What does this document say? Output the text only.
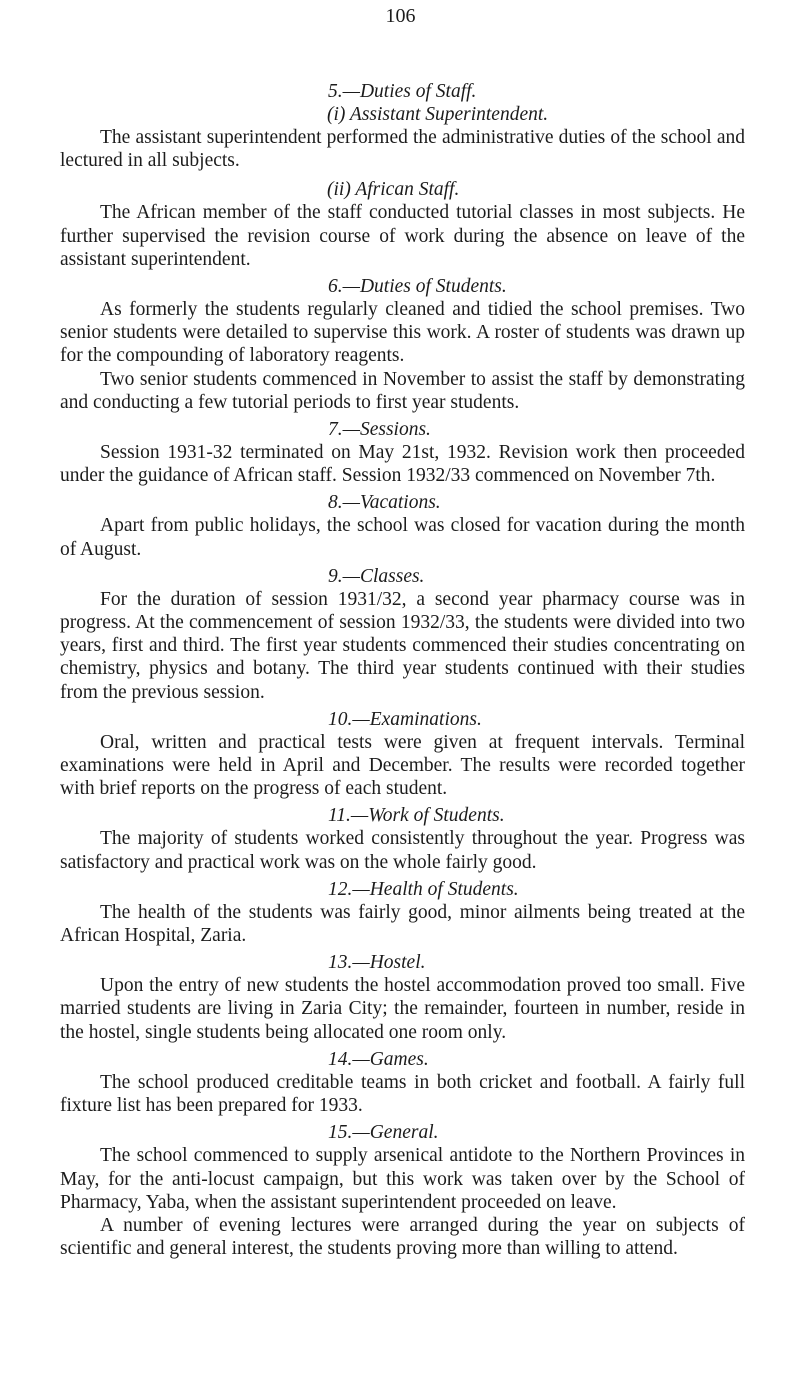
106

5.—Duties of Staff.

(i) Assistant Superintendent.

The assistant superintendent performed the administrative duties of the school and lectured in all subjects.

(ii) African Staff.

The African member of the staff conducted tutorial classes in most subjects. He further supervised the revision course of work during the absence on leave of the assistant superintendent.

6.—Duties of Students.

As formerly the students regularly cleaned and tidied the school premises. Two senior students were detailed to supervise this work. A roster of students was drawn up for the compounding of laboratory reagents.

Two senior students commenced in November to assist the staff by demonstrating and conducting a few tutorial periods to first year students.

7.—Sessions.

Session 1931-32 terminated on May 21st, 1932. Revision work then proceeded under the guidance of African staff. Session 1932/33 commenced on November 7th.

8.—Vacations.

Apart from public holidays, the school was closed for vacation during the month of August.

9.—Classes.

For the duration of session 1931/32, a second year pharmacy course was in progress. At the commencement of session 1932/33, the students were divided into two years, first and third. The first year students commenced their studies concentrating on chemistry, physics and botany. The third year students continued with their studies from the previous session.

10.—Examinations.

Oral, written and practical tests were given at frequent intervals. Terminal examinations were held in April and December. The results were recorded together with brief reports on the progress of each student.

11.—Work of Students.

The majority of students worked consistently throughout the year. Progress was satisfactory and practical work was on the whole fairly good.

12.—Health of Students.

The health of the students was fairly good, minor ailments being treated at the African Hospital, Zaria.

13.—Hostel.

Upon the entry of new students the hostel accommodation proved too small. Five married students are living in Zaria City; the remainder, fourteen in number, reside in the hostel, single students being allocated one room only.

14.—Games.

The school produced creditable teams in both cricket and football. A fairly full fixture list has been prepared for 1933.

15.—General.

The school commenced to supply arsenical antidote to the Northern Provinces in May, for the anti-locust campaign, but this work was taken over by the School of Pharmacy, Yaba, when the assistant superintendent proceeded on leave.

A number of evening lectures were arranged during the year on subjects of scientific and general interest, the students proving more than willing to attend.
